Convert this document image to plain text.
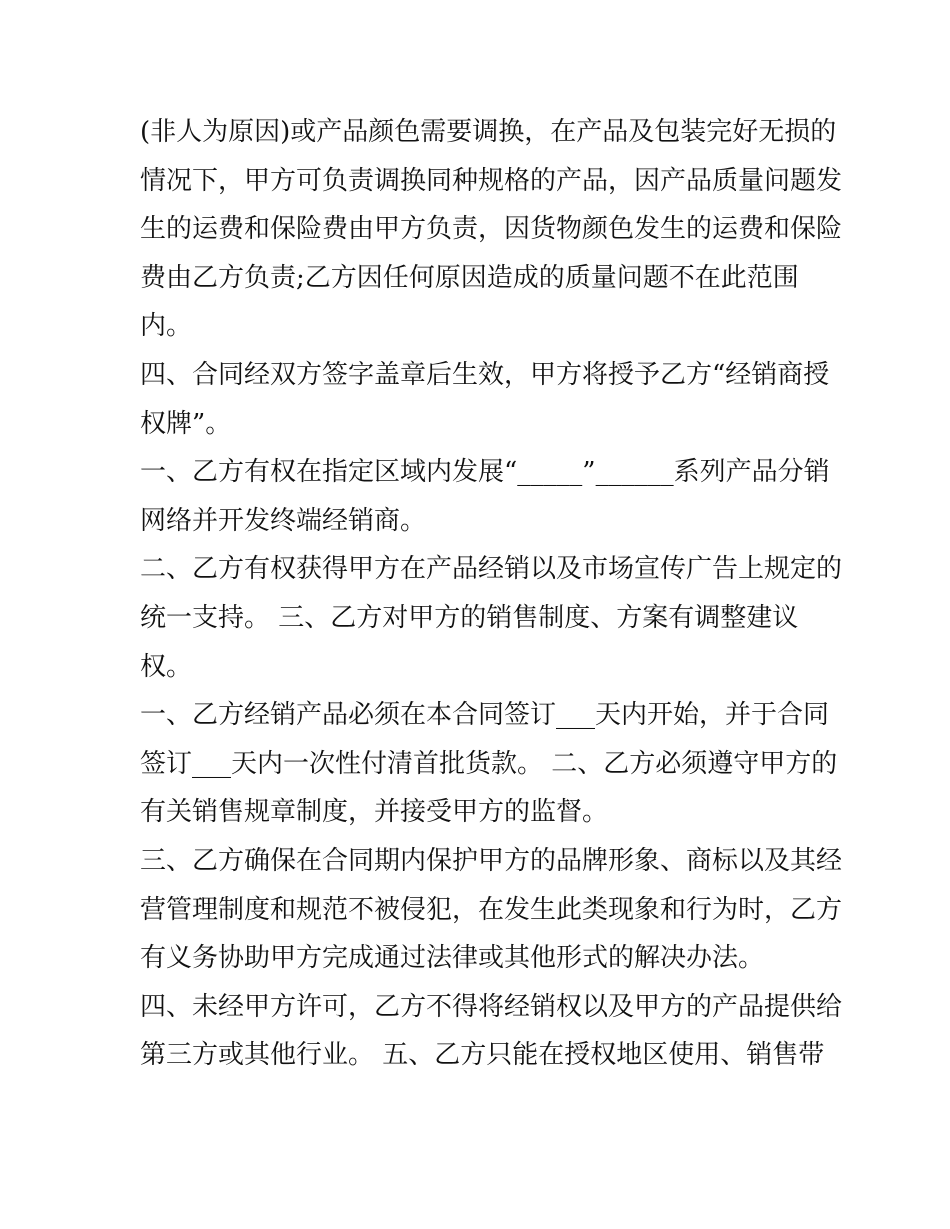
(非人为原因)或产品颜色需要调换，在产品及包装完好无损的
情况下，甲方可负责调换同种规格的产品，因产品质量问题发
生的运费和保险费由甲方负责，因货物颜色发生的运费和保险
费由乙方负责;乙方因任何原因造成的质量问题不在此范围
内。
四、合同经双方签字盖章后生效，甲方将授予乙方“经销商授
权牌”。
一、乙方有权在指定区域内发展“_____”______系列产品分销
网络并开发终端经销商。
二、乙方有权获得甲方在产品经销以及市场宣传广告上规定的
统一支持。 三、乙方对甲方的销售制度、方案有调整建议
权。
一、乙方经销产品必须在本合同签订___天内开始，并于合同
签订___天内一次性付清首批货款。 二、乙方必须遵守甲方的
有关销售规章制度，并接受甲方的监督。
三、乙方确保在合同期内保护甲方的品牌形象、商标以及其经
营管理制度和规范不被侵犯，在发生此类现象和行为时，乙方
有义务协助甲方完成通过法律或其他形式的解决办法。
四、未经甲方许可，乙方不得将经销权以及甲方的产品提供给
第三方或其他行业。 五、乙方只能在授权地区使用、销售带
